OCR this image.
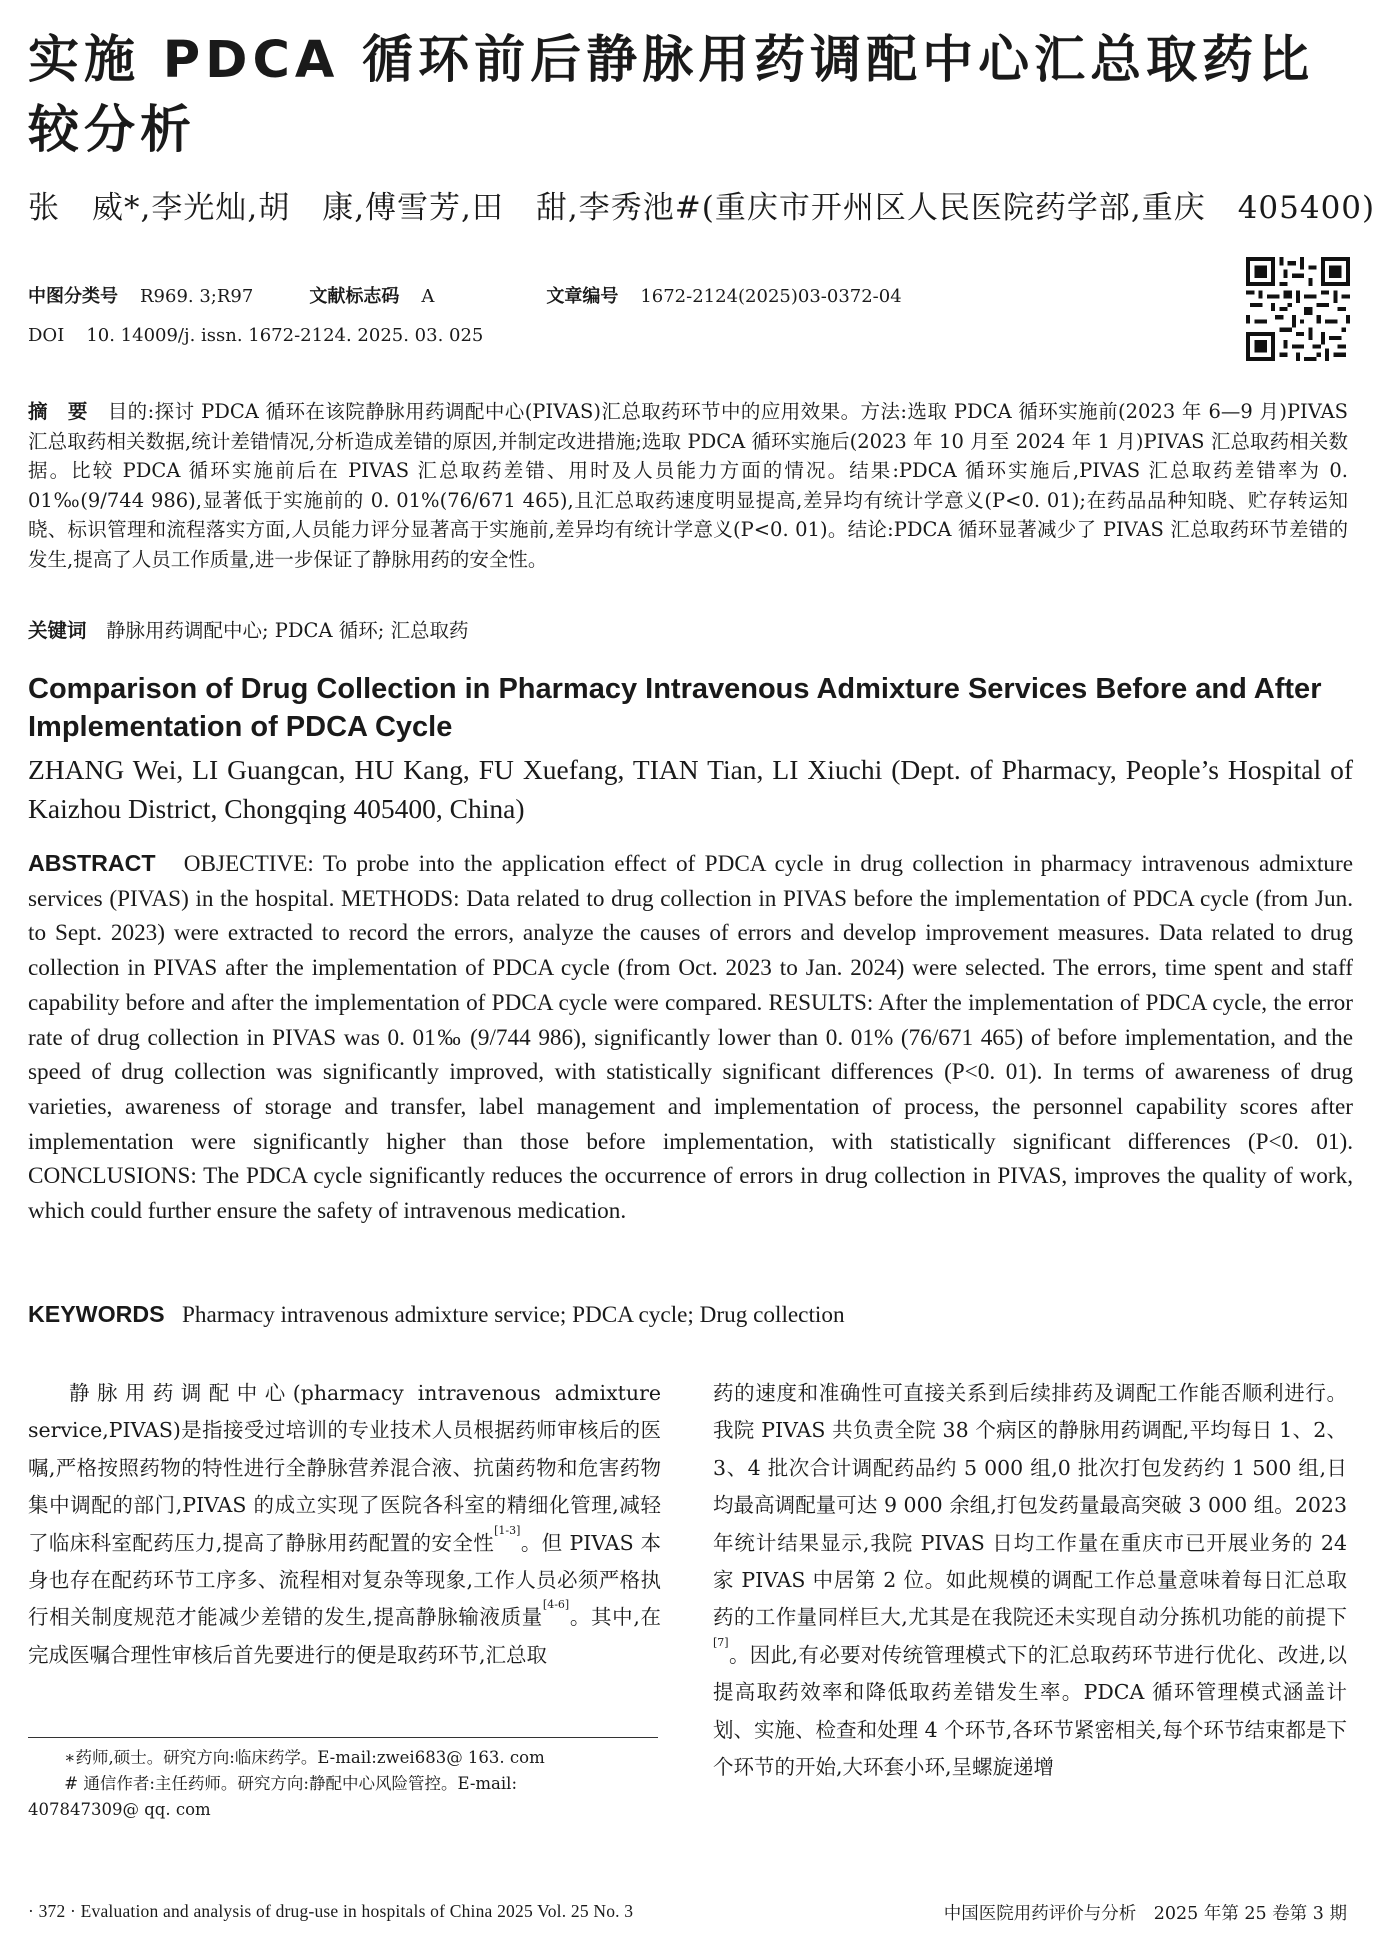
实施 PDCA 循环前后静脉用药调配中心汇总取药比较分析
张　威*,李光灿,胡　康,傅雪芳,田　甜,李秀池#(重庆市开州区人民医院药学部,重庆　405400)
中图分类号 R969. 3;R97	文献标志码 A	文章编号 1672-2124(2025)03-0372-04
DOI 10. 14009/j. issn. 1672-2124. 2025. 03. 025
摘　要　 目的:探讨 PDCA 循环在该院静脉用药调配中心(PIVAS)汇总取药环节中的应用效果。方法:选取 PDCA 循环实施前(2023 年 6—9 月)PIVAS 汇总取药相关数据,统计差错情况,分析造成差错的原因,并制定改进措施;选取 PDCA 循环实施后(2023 年 10 月至 2024 年 1 月)PIVAS 汇总取药相关数据。比较 PDCA 循环实施前后在 PIVAS 汇总取药差错、用时及人员能力方面的情况。结果:PDCA 循环实施后,PIVAS 汇总取药差错率为 0. 01‰(9/744 986),显著低于实施前的 0. 01%(76/671 465),且汇总取药速度明显提高,差异均有统计学意义(P<0. 01);在药品品种知晓、贮存转运知晓、标识管理和流程落实方面,人员能力评分显著高于实施前,差异均有统计学意义(P<0. 01)。结论:PDCA 循环显著减少了 PIVAS 汇总取药环节差错的发生,提高了人员工作质量,进一步保证了静脉用药的安全性。
关键词　 静脉用药调配中心; PDCA 循环; 汇总取药
Comparison of Drug Collection in Pharmacy Intravenous Admixture Services Before and After Implementation of PDCA Cycle
ZHANG Wei, LI Guangcan, HU Kang, FU Xuefang, TIAN Tian, LI Xiuchi (Dept. of Pharmacy, People’s Hospital of Kaizhou District, Chongqing 405400, China)
ABSTRACT OBJECTIVE: To probe into the application effect of PDCA cycle in drug collection in pharmacy intravenous admixture services (PIVAS) in the hospital. METHODS: Data related to drug collection in PIVAS before the implementation of PDCA cycle (from Jun. to Sept. 2023) were extracted to record the errors, analyze the causes of errors and develop improvement measures. Data related to drug collection in PIVAS after the implementation of PDCA cycle (from Oct. 2023 to Jan. 2024) were selected. The errors, time spent and staff capability before and after the implementation of PDCA cycle were compared. RESULTS: After the implementation of PDCA cycle, the error rate of drug collection in PIVAS was 0. 01‰ (9/744 986), significantly lower than 0. 01% (76/671 465) of before implementation, and the speed of drug collection was significantly improved, with statistically significant differences (P<0. 01). In terms of awareness of drug varieties, awareness of storage and transfer, label management and implementation of process, the personnel capability scores after implementation were significantly higher than those before implementation, with statistically significant differences (P<0. 01). CONCLUSIONS: The PDCA cycle significantly reduces the occurrence of errors in drug collection in PIVAS, improves the quality of work, which could further ensure the safety of intravenous medication.
KEYWORDS Pharmacy intravenous admixture service; PDCA cycle; Drug collection
静脉用药调配中心(pharmacy intravenous admixture service,PIVAS)是指接受过培训的专业技术人员根据药师审核后的医嘱,严格按照药物的特性进行全静脉营养混合液、抗菌药物和危害药物集中调配的部门,PIVAS 的成立实现了医院各科室的精细化管理,减轻了临床科室配药压力,提高了静脉用药配置的安全性[1-3]。但 PIVAS 本身也存在配药环节工序多、流程相对复杂等现象,工作人员必须严格执行相关制度规范才能减少差错的发生,提高静脉输液质量[4-6]。其中,在完成医嘱合理性审核后首先要进行的便是取药环节,汇总取
药的速度和准确性可直接关系到后续排药及调配工作能否顺利进行。我院 PIVAS 共负责全院 38 个病区的静脉用药调配,平均每日 1、2、3、4 批次合计调配药品约 5 000 组,0 批次打包发药约 1 500 组,日均最高调配量可达 9 000 余组,打包发药量最高突破 3 000 组。2023 年统计结果显示,我院 PIVAS 日均工作量在重庆市已开展业务的 24 家 PIVAS 中居第 2 位。如此规模的调配工作总量意味着每日汇总取药的工作量同样巨大,尤其是在我院还未实现自动分拣机功能的前提下[7]。因此,有必要对传统管理模式下的汇总取药环节进行优化、改进,以提高取药效率和降低取药差错发生率。PDCA 循环管理模式涵盖计划、实施、检查和处理 4 个环节,各环节紧密相关,每个环节结束都是下个环节的开始,大环套小环,呈螺旋递增
∗药师,硕士。研究方向:临床药学。E-mail:zwei683@ 163. com
# 通信作者:主任药师。研究方向:静配中心风险管控。E-mail:
407847309@ qq. com
· 372 · Evaluation and analysis of drug-use in hospitals of China 2025 Vol. 25 No. 3	中国医院用药评价与分析　2025 年第 25 卷第 3 期
